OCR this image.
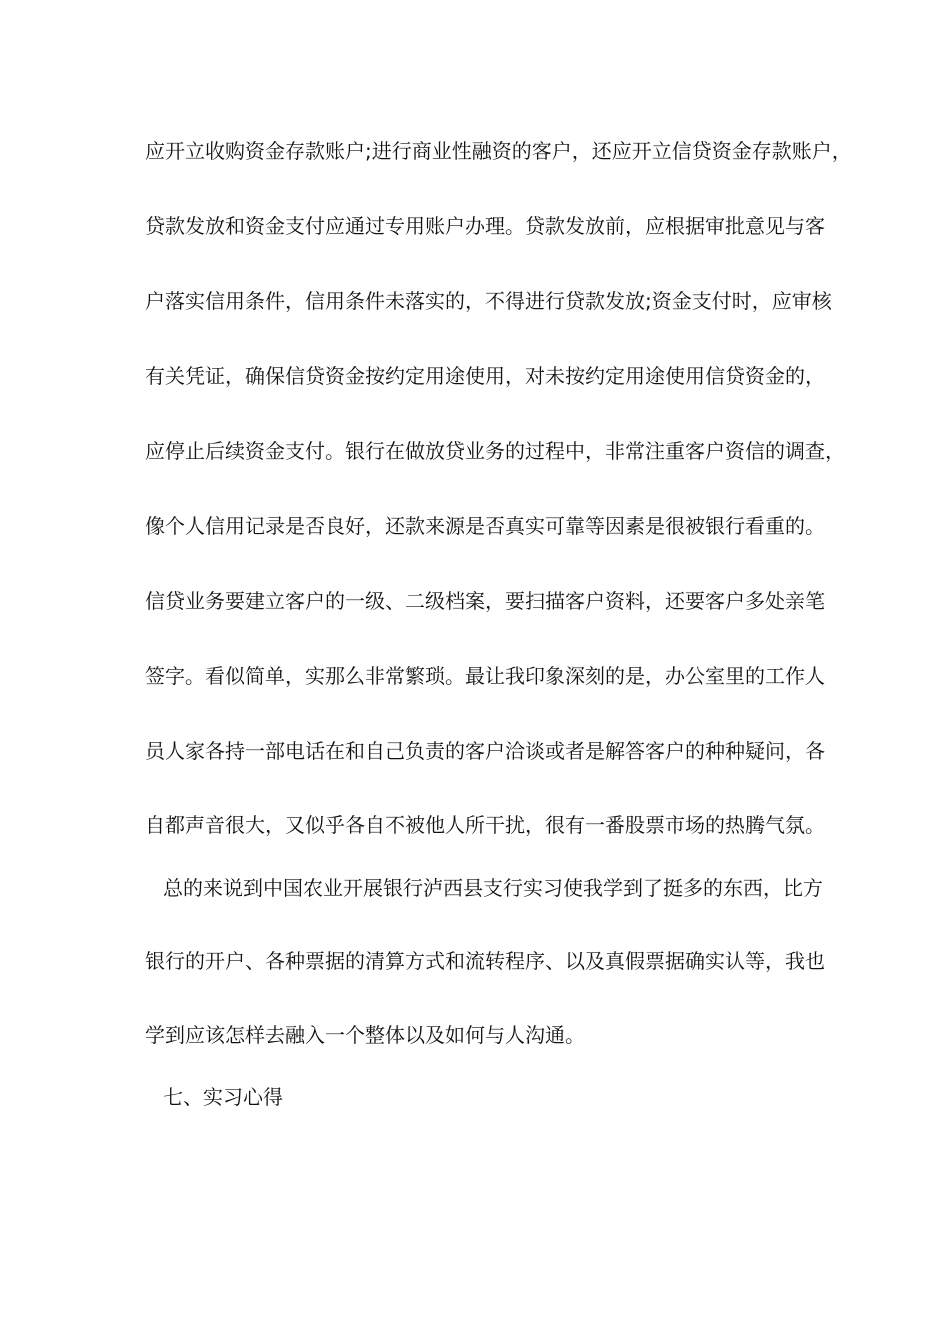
应开立收购资金存款账户;进行商业性融资的客户，还应开立信贷资金存款账户，
贷款发放和资金支付应通过专用账户办理。贷款发放前，应根据审批意见与客
户落实信用条件，信用条件未落实的，不得进行贷款发放;资金支付时，应审核
有关凭证，确保信贷资金按约定用途使用，对未按约定用途使用信贷资金的，
应停止后续资金支付。银行在做放贷业务的过程中，非常注重客户资信的调查，
像个人信用记录是否良好，还款来源是否真实可靠等因素是很被银行看重的。
信贷业务要建立客户的一级、二级档案，要扫描客户资料，还要客户多处亲笔
签字。看似简单，实那么非常繁琐。最让我印象深刻的是，办公室里的工作人
员人家各持一部电话在和自己负责的客户洽谈或者是解答客户的种种疑问，各
自都声音很大，又似乎各自不被他人所干扰，很有一番股票市场的热腾气氛。
总的来说到中国农业开展银行泸西县支行实习使我学到了挺多的东西，比方
银行的开户、各种票据的清算方式和流转程序、以及真假票据确实认等，我也
学到应该怎样去融入一个整体以及如何与人沟通。
七、实习心得
